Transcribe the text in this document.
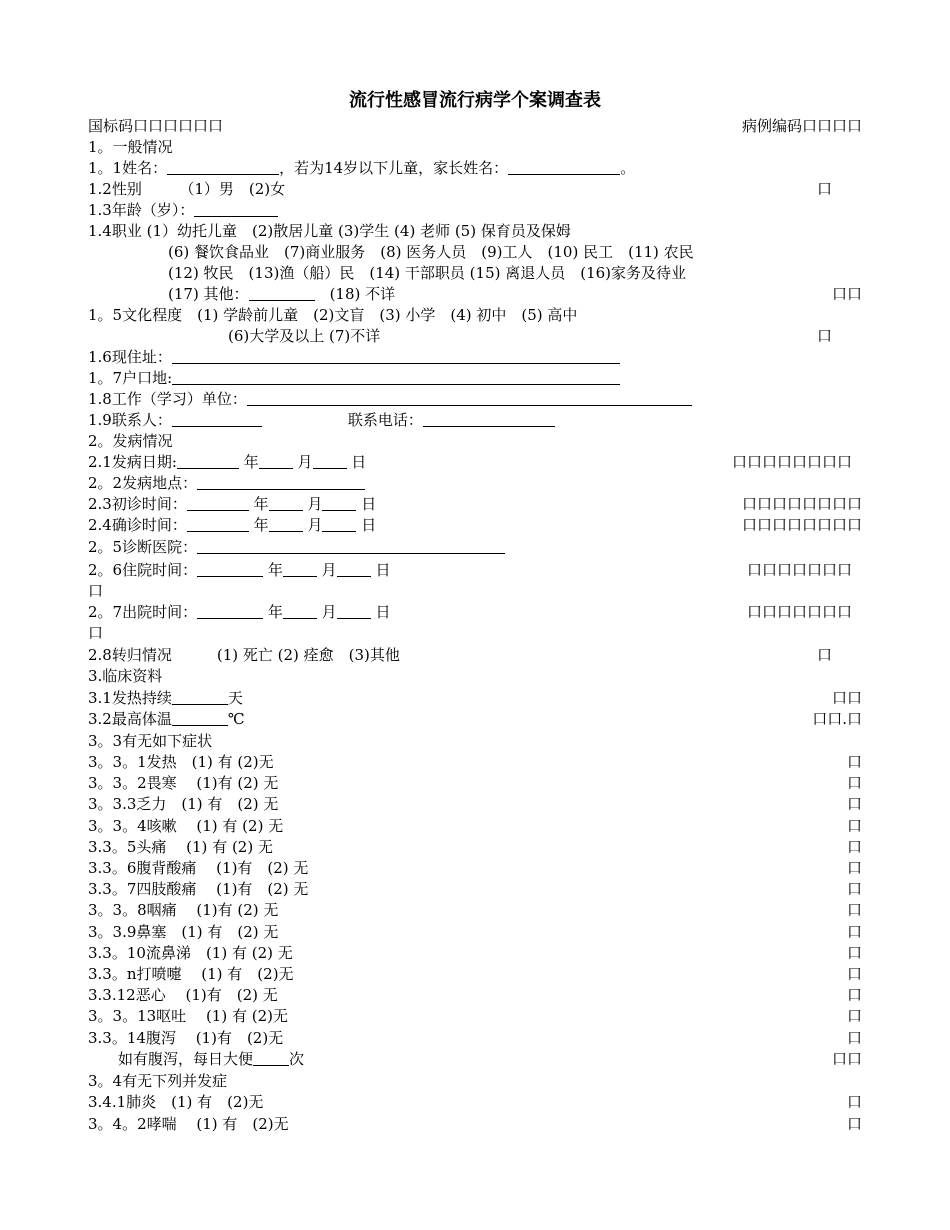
流行性感冒流行病学个案调查表
国标码口口口口口口	病例编码口口口口
1。一般情况
1。1姓名：	，若为14岁以下儿童，家长姓名：	。
1.2性别　　　（1）男　(2)女	口
1.3年龄（岁）：
1.4职业 (1）幼托儿童　(2)散居儿童 (3)学生 (4) 老师 (5) 保育员及保姆
(6) 餐饮食品业　(7)商业服务　(8) 医务人员　(9)工人　(10) 民工　(11) 农民
(12) 牧民　(13)渔（船）民　(14) 干部职员 (15) 离退人员　(16)家务及待业
(17) 其他：	　(18) 不详	口口
1。5文化程度　(1) 学龄前儿童　(2)文盲　(3) 小学　(4) 初中　(5) 高中
(6)大学及以上 (7)不详	口
1.6现住址：
1。7户口地:
1.8工作（学习）单位：
1.9联系人：	联系电话：
2。发病情况
2.1发病日期:	年	月	日	口口口口口口口口
2。2发病地点：
2.3初诊时间：	年	月	日	口口口口口口口口
2.4确诊时间：	年	月	日	口口口口口口口口
2。5诊断医院：
2。6住院时间：	年	月	日	口口口口口口口
口
2。7出院时间：	年	月	日	口口口口口口口
口
2.8转归情况　　　(1) 死亡 (2) 痊愈　(3)其他	口
3.临床资料
3.1发热持续	天	口口
3.2最高体温	℃	口口.口
3。3有无如下症状
3。3。1发热　(1) 有 (2)无	口
3。3。2畏寒　 (1)有 (2) 无	口
3。3.3乏力　(1) 有　(2) 无	口
3。3。4咳嗽　 (1) 有 (2) 无	口
3.3。5头痛　 (1) 有 (2) 无	口
3.3。6腹背酸痛　 (1)有　(2) 无	口
3.3。7四肢酸痛　 (1)有　(2) 无	口
3。3。8咽痛　 (1)有 (2) 无	口
3。3.9鼻塞　(1) 有　(2) 无	口
3.3。10流鼻涕　(1) 有 (2) 无	口
3.3。n打喷嚏　 (1) 有　(2)无	口
3.3.12恶心　 (1)有　(2) 无	口
3。3。13呕吐　 (1) 有 (2)无	口
3.3。14腹泻　 (1)有　(2)无	口
如有腹泻，每日大便 次	口口
3。4有无下列并发症
3.4.1肺炎　(1) 有　(2)无	口
3。4。2哮喘　 (1) 有　(2)无	口
